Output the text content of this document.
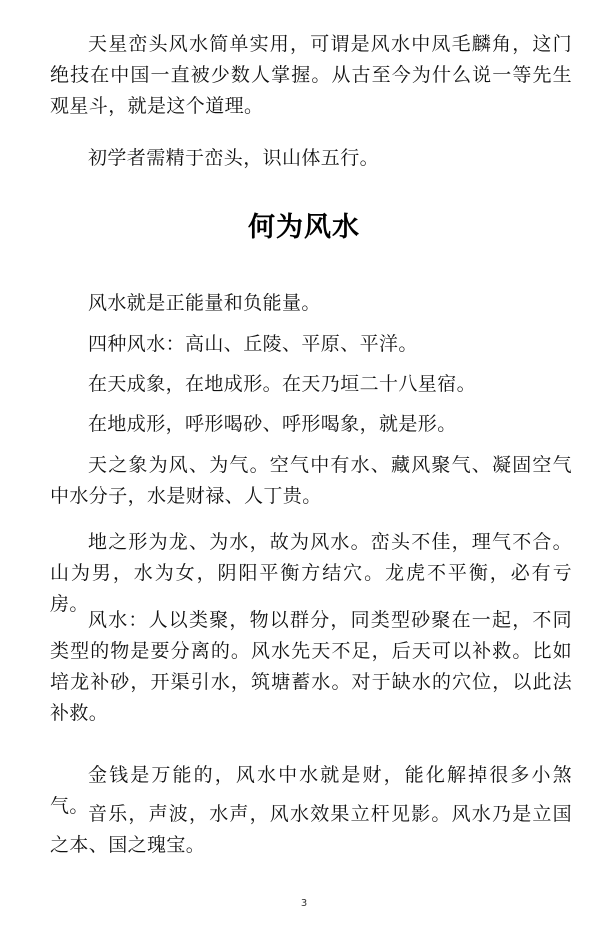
天星峦头风水简单实用，可谓是风水中凤毛麟角，这门绝技在中国一直被少数人掌握。从古至今为什么说一等先生观星斗，就是这个道理。

初学者需精于峦头，识山体五行。

何为风水

风水就是正能量和负能量。

四种风水：高山、丘陵、平原、平洋。

在天成象，在地成形。在天乃垣二十八星宿。

在地成形，呼形喝砂、呼形喝象，就是形。

天之象为风、为气。空气中有水、藏风聚气、凝固空气中水分子，水是财禄、人丁贵。

地之形为龙、为水，故为风水。峦头不佳，理气不合。山为男，水为女，阴阳平衡方结穴。龙虎不平衡，必有亏房。

风水：人以类聚，物以群分，同类型砂聚在一起，不同类型的物是要分离的。风水先天不足，后天可以补救。比如培龙补砂，开渠引水，筑塘蓄水。对于缺水的穴位，以此法补救。

金钱是万能的，风水中水就是财，能化解掉很多小煞气。 音乐，声波，水声，风水效果立杆见影。风水乃是立国之本、国之瑰宝。

3
